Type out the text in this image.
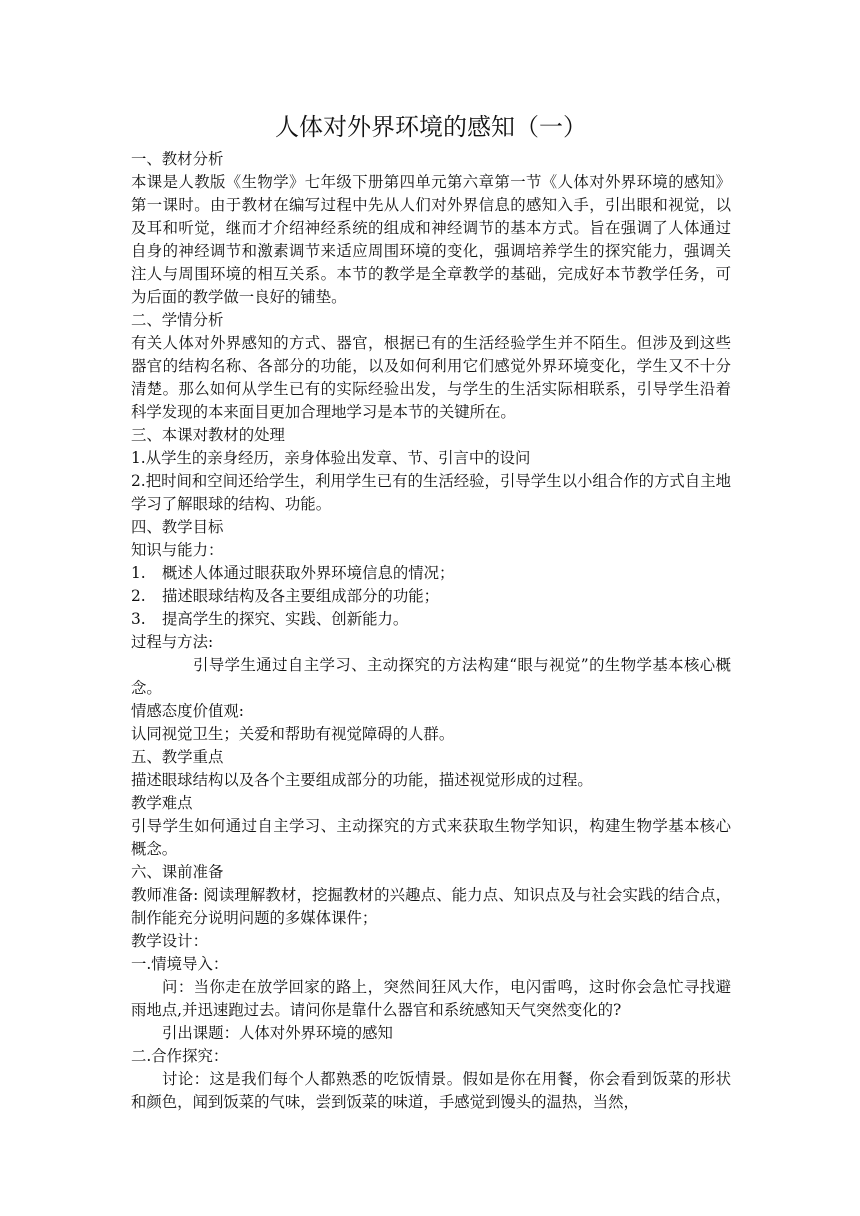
人体对外界环境的感知（一）

一、教材分析

本课是人教版《生物学》七年级下册第四单元第六章第一节《人体对外界环境的感知》第一课时。由于教材在编写过程中先从人们对外界信息的感知入手，引出眼和视觉，以及耳和听觉，继而才介绍神经系统的组成和神经调节的基本方式。旨在强调了人体通过自身的神经调节和激素调节来适应周围环境的变化，强调培养学生的探究能力，强调关注人与周围环境的相互关系。本节的教学是全章教学的基础，完成好本节教学任务，可为后面的教学做一良好的铺垫。

二、学情分析

有关人体对外界感知的方式、器官，根据已有的生活经验学生并不陌生。但涉及到这些器官的结构名称、各部分的功能，以及如何利用它们感觉外界环境变化，学生又不十分清楚。那么如何从学生已有的实际经验出发，与学生的生活实际相联系，引导学生沿着科学发现的本来面目更加合理地学习是本节的关键所在。

三、本课对教材的处理

1.从学生的亲身经历，亲身体验出发章、节、引言中的设问

2.把时间和空间还给学生，利用学生已有的生活经验，引导学生以小组合作的方式自主地学习了解眼球的结构、功能。

四、教学目标

知识与能力：

1. 概述人体通过眼获取外界环境信息的情况；

2. 描述眼球结构及各主要组成部分的功能；

3. 提高学生的探究、实践、创新能力。

过程与方法:

引导学生通过自主学习、主动探究的方法构建“眼与视觉”的生物学基本核心概念。

情感态度价值观:

认同视觉卫生；关爱和帮助有视觉障碍的人群。

五、教学重点

描述眼球结构以及各个主要组成部分的功能，描述视觉形成的过程。

教学难点

引导学生如何通过自主学习、主动探究的方式来获取生物学知识，构建生物学基本核心概念。

六、课前准备

教师准备: 阅读理解教材，挖掘教材的兴趣点、能力点、知识点及与社会实践的结合点，制作能充分说明问题的多媒体课件；

教学设计：

一.情境导入：

问：当你走在放学回家的路上，突然间狂风大作，电闪雷鸣，这时你会急忙寻找避雨地点,并迅速跑过去。请问你是靠什么器官和系统感知天气突然变化的?

引出课题：人体对外界环境的感知

二.合作探究：

讨论：这是我们每个人都熟悉的吃饭情景。假如是你在用餐，你会看到饭菜的形状和颜色，闻到饭菜的气味，尝到饭菜的味道，手感觉到馒头的温热，当然，
